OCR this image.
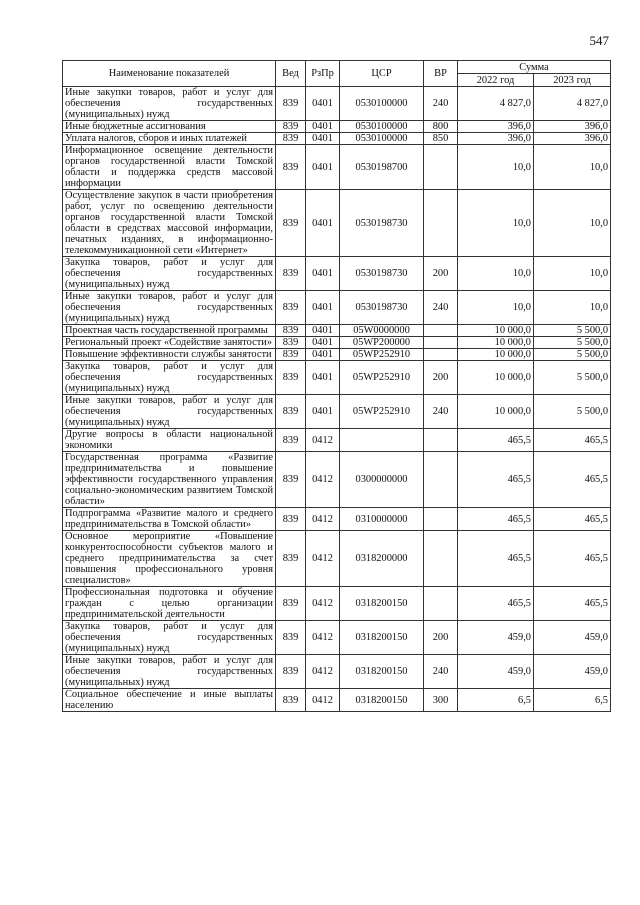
547
Наименование показателей	Вед	РзПр	ЦСР	ВР	Сумма	
					2022 год	2023 год
Иные закупки товаров, работ и услуг для обеспечения государственных (муниципальных) нужд	839	0401	0530100000	240	4 827,0	4 827,0
Иные бюджетные ассигнования	839	0401	0530100000	800	396,0	396,0
Уплата налогов, сборов и иных платежей	839	0401	0530100000	850	396,0	396,0
Информационное освещение деятельности органов государственной власти Томской области и поддержка средств массовой информации	839	0401	0530198700		10,0	10,0
Осуществление закупок в части приобретения работ, услуг по освещению деятельности органов государственной власти Томской области в средствах массовой информации, печатных изданиях, в информационно-телекоммуникационной сети «Интернет»	839	0401	0530198730		10,0	10,0
Закупка товаров, работ и услуг для обеспечения государственных (муниципальных) нужд	839	0401	0530198730	200	10,0	10,0
Иные закупки товаров, работ и услуг для обеспечения государственных (муниципальных) нужд	839	0401	0530198730	240	10,0	10,0
Проектная часть государственной программы	839	0401	05W0000000		10 000,0	5 500,0
Региональный проект «Содействие занятости»	839	0401	05WP200000		10 000,0	5 500,0
Повышение эффективности службы занятости	839	0401	05WP252910		10 000,0	5 500,0
Закупка товаров, работ и услуг для обеспечения государственных (муниципальных) нужд	839	0401	05WP252910	200	10 000,0	5 500,0
Иные закупки товаров, работ и услуг для обеспечения государственных (муниципальных) нужд	839	0401	05WP252910	240	10 000,0	5 500,0
Другие вопросы в области национальной экономики	839	0412			465,5	465,5
Государственная программа «Развитие предпринимательства и повышение эффективности государственного управления социально-экономическим развитием Томской области»	839	0412	0300000000		465,5	465,5
Подпрограмма «Развитие малого и среднего предпринимательства в Томской области»	839	0412	0310000000		465,5	465,5
Основное мероприятие «Повышение конкурентоспособности субъектов малого и среднего предпринимательства за счет повышения профессионального уровня специалистов»	839	0412	0318200000		465,5	465,5
Профессиональная подготовка и обучение граждан с целью организации предпринимательской деятельности	839	0412	0318200150		465,5	465,5
Закупка товаров, работ и услуг для обеспечения государственных (муниципальных) нужд	839	0412	0318200150	200	459,0	459,0
Иные закупки товаров, работ и услуг для обеспечения государственных (муниципальных) нужд	839	0412	0318200150	240	459,0	459,0
Социальное обеспечение и иные выплаты населению	839	0412	0318200150	300	6,5	6,5
